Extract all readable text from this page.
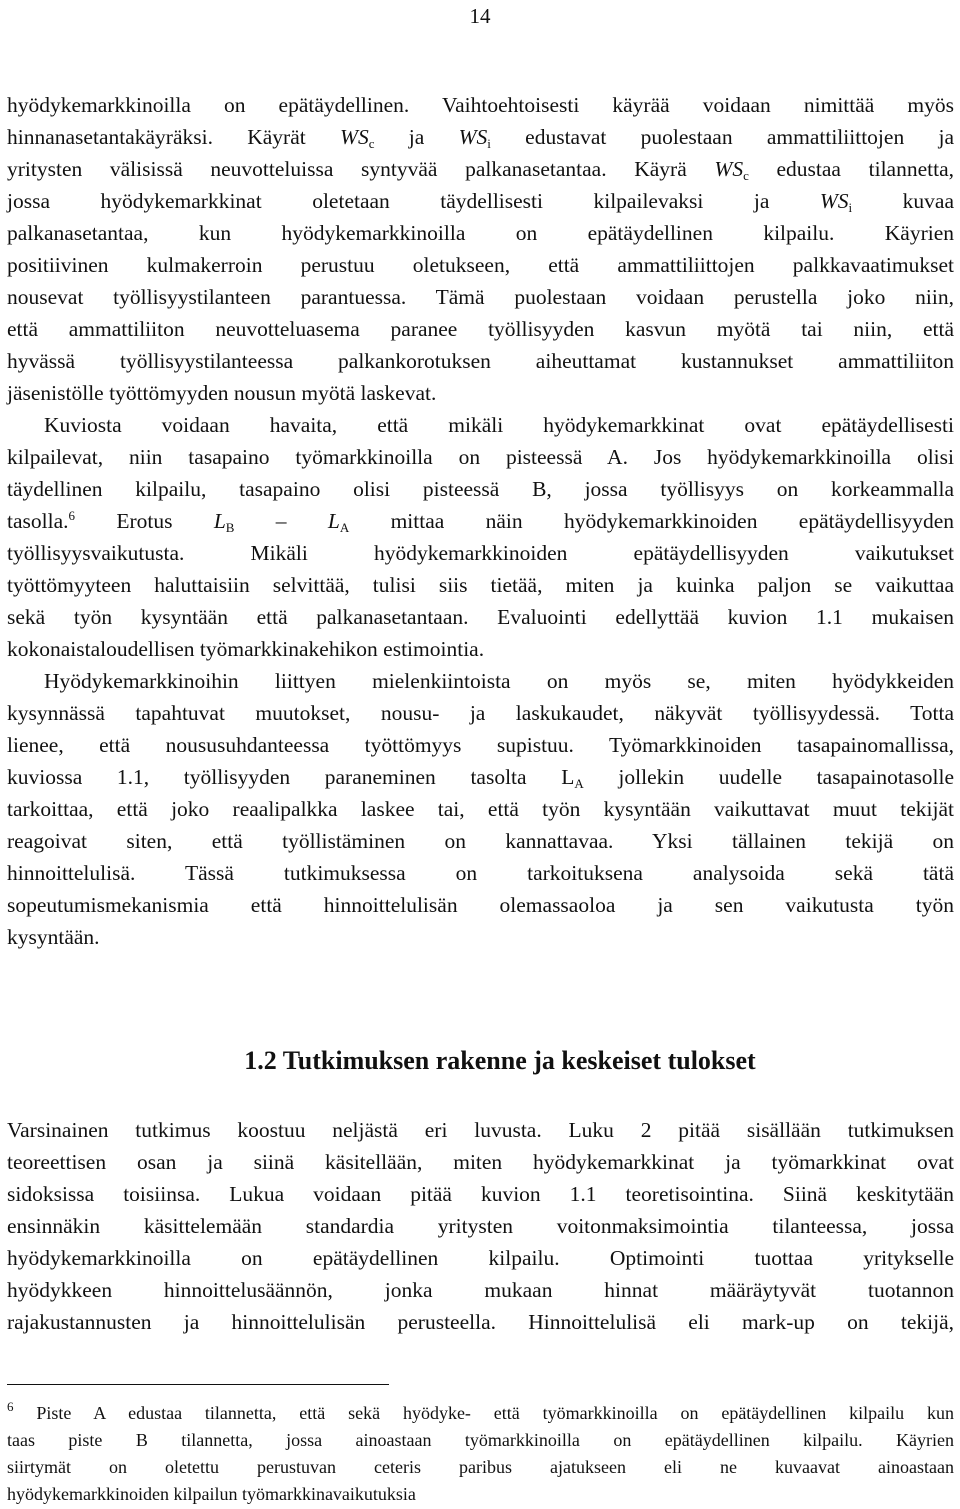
14
hyödykemarkkinoilla on epätäydellinen. Vaihtoehtoisesti käyrää voidaan nimittää myös
hinnanasetantakäyräksi. Käyrät $WS_c$ ja $WS_i$ edustavat puolestaan ammattiliittojen ja
yritysten välisissä neuvotteluissa syntyvää palkanasetantaa. Käyrä $WS_c$ edustaa tilannetta,
jossa hyödykemarkkinat oletetaan täydellisesti kilpailevaksi ja $WS_i$ kuvaa
palkanasetantaa, kun hyödykemarkkinoilla on epätäydellinen kilpailu. Käyrien
positiivinen kulmakerroin perustuu oletukseen, että ammattiliittojen palkkavaatimukset
nousevat työllisyystilanteen parantuessa. Tämä puolestaan voidaan perustella joko niin,
että ammattiliiton neuvotteluasema paranee työllisyyden kasvun myötä tai niin, että
hyvässä työllisyystilanteessa palkankorotuksen aiheuttamat kustannukset ammattiliiton
jäsenistölle työttömyyden nousun myötä laskevat.
Kuviosta voidaan havaita, että mikäli hyödykemarkkinat ovat epätäydellisesti
kilpailevat, niin tasapaino työmarkkinoilla on pisteessä A. Jos hyödykemarkkinoilla olisi
täydellinen kilpailu, tasapaino olisi pisteessä B, jossa työllisyys on korkeammalla
tasolla.$^6$ Erotus $L_B - L_A$ mittaa näin hyödykemarkkinoiden epätäydellisyyden
työllisyysvaikutusta. Mikäli hyödykemarkkinoiden epätäydellisyyden vaikutukset
työttömyyteen haluttaisiin selvittää, tulisi siis tietää, miten ja kuinka paljon se vaikuttaa
sekä työn kysyntään että palkanasetantaan. Evaluointi edellyttää kuvion 1.1 mukaisen
kokonaistaloudellisen työmarkkinakehikon estimointia.
Hyödykemarkkinoihin liittyen mielenkiintoista on myös se, miten hyödykkeiden
kysynnässä tapahtuvat muutokset, nousu- ja laskukaudet, näkyvät työllisyydessä. Totta
lienee, että noususuhdanteessa työttömyys supistuu. Työmarkkinoiden tasapainomallissa,
kuviossa 1.1, työllisyyden paraneminen tasolta $L_A$ jollekin uudelle tasapainotasolle
tarkoittaa, että joko reaalipalkka laskee tai, että työn kysyntään vaikuttavat muut tekijät
reagoivat siten, että työllistäminen on kannattavaa. Yksi tällainen tekijä on
hinnoittelulisä. Tässä tutkimuksessa on tarkoituksena analysoida sekä tätä
sopeutumismekanismia että hinnoittelulisän olemassaoloa ja sen vaikutusta työn
kysyntään.
1.2 Tutkimuksen rakenne ja keskeiset tulokset
Varsinainen tutkimus koostuu neljästä eri luvusta. Luku 2 pitää sisällään tutkimuksen
teoreettisen osan ja siinä käsitellään, miten hyödykemarkkinat ja työmarkkinat ovat
sidoksissa toisiinsa. Lukua voidaan pitää kuvion 1.1 teoretisointina. Siinä keskitytään
ensinnäkin käsittelemään standardia yritysten voitonmaksimointia tilanteessa, jossa
hyödykemarkkinoilla on epätäydellinen kilpailu. Optimointi tuottaa yritykselle
hyödykkeen hinnoittelusäännön, jonka mukaan hinnat määräytyvät tuotannon
rajakustannusten ja hinnoittelulisän perusteella. Hinnoittelulisä eli mark-up on tekijä,
$^6$ Piste A edustaa tilannetta, että sekä hyödyke- että työmarkkinoilla on epätäydellinen kilpailu kun
taas piste B tilannetta, jossa ainoastaan työmarkkinoilla on epätäydellinen kilpailu. Käyrien
siirtymät on oletettu perustuvan ceteris paribus ajatukseen eli ne kuvaavat ainoastaan
hyödykemarkkinoiden kilpailun työmarkkinavaikutuksia
